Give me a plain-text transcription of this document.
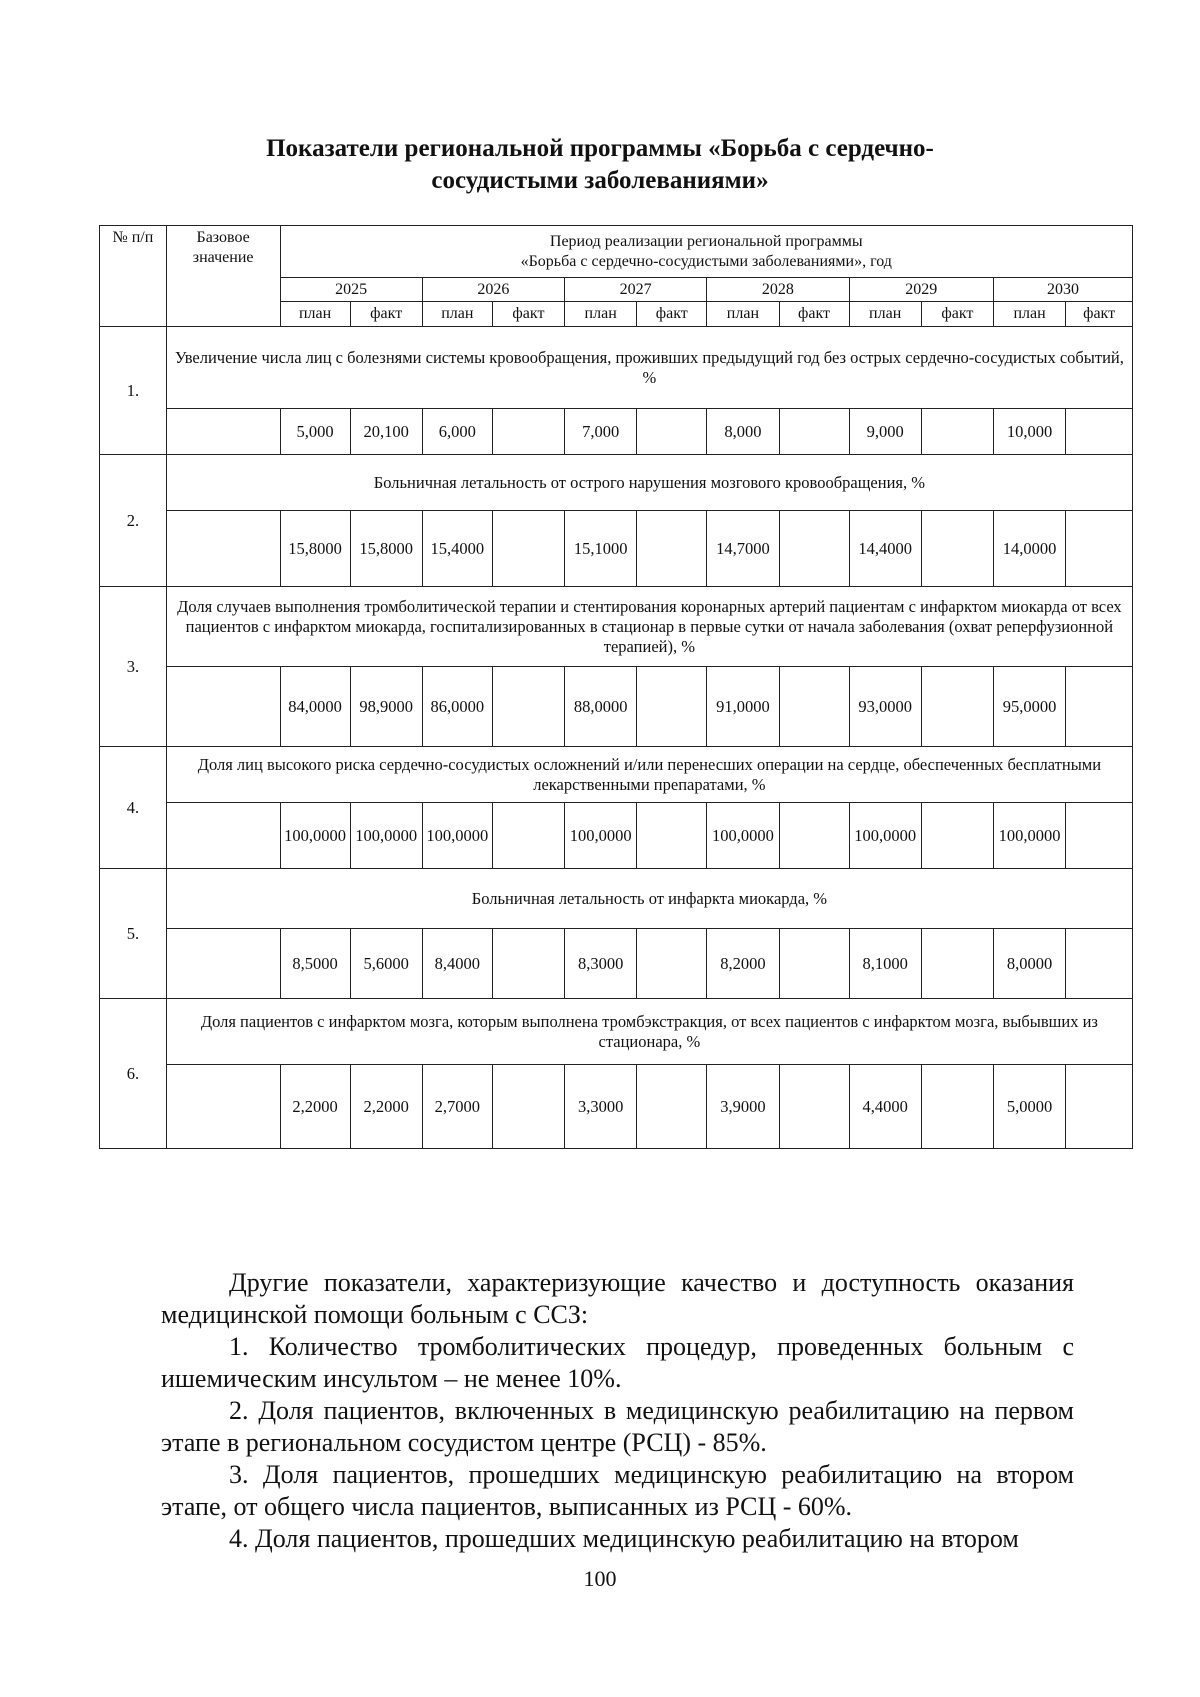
Показатели региональной программы «Борьба с сердечно-
сосудистыми заболеваниями»
№ п/п	Базовое значение	Период реализации региональной программы
«Борьба с сердечно-сосудистыми заболеваниями», год											

		2025		2026		2027		2028		2029		2030	
		план	факт	план	факт	план	факт	план	факт	план	факт	план	факт
1.	Увеличение числа лиц с болезнями системы кровообращения, проживших предыдущий год без острых сердечно-сосудистых событий, %												
		5,000	20,100	6,000		7,000		8,000		9,000		10,000	
2.	Больничная летальность от острого нарушения мозгового кровообращения, %												
		15,8000	15,8000	15,4000		15,1000		14,7000		14,4000		14,0000	
3.	Доля случаев выполнения тромболитической терапии и стентирования коронарных артерий пациентам с инфарктом миокарда от всех пациентов с инфарктом миокарда, госпитализированных в стационар в первые сутки от начала заболевания (охват реперфузионной терапией), %												
		84,0000	98,9000	86,0000		88,0000		91,0000		93,0000		95,0000	
4.	Доля лиц высокого риска сердечно-сосудистых осложнений и/или перенесших операции на сердце, обеспеченных бесплатными лекарственными препаратами, %												
		100,0000	100,0000	100,0000		100,0000		100,0000		100,0000		100,0000	
5.	Больничная летальность от инфаркта миокарда, %												
		8,5000	5,6000	8,4000		8,3000		8,2000		8,1000		8,0000	
6.	Доля пациентов с инфарктом мозга, которым выполнена тромбэкстракция, от всех пациентов с инфарктом мозга, выбывших из стационара, %												
		2,2000	2,2000	2,7000		3,3000		3,9000		4,4000		5,0000	

Другие показатели, характеризующие качество и доступность оказания медицинской помощи больным с ССЗ:

1. Количество тромболитических процедур, проведенных больным с ишемическим инсультом – не менее 10%.

2. Доля пациентов, включенных в медицинскую реабилитацию на первом этапе в региональном сосудистом центре (РСЦ) - 85%.

3. Доля пациентов, прошедших медицинскую реабилитацию на втором этапе, от общего числа пациентов, выписанных из РСЦ - 60%.

4. Доля пациентов, прошедших медицинскую реабилитацию на втором

100
